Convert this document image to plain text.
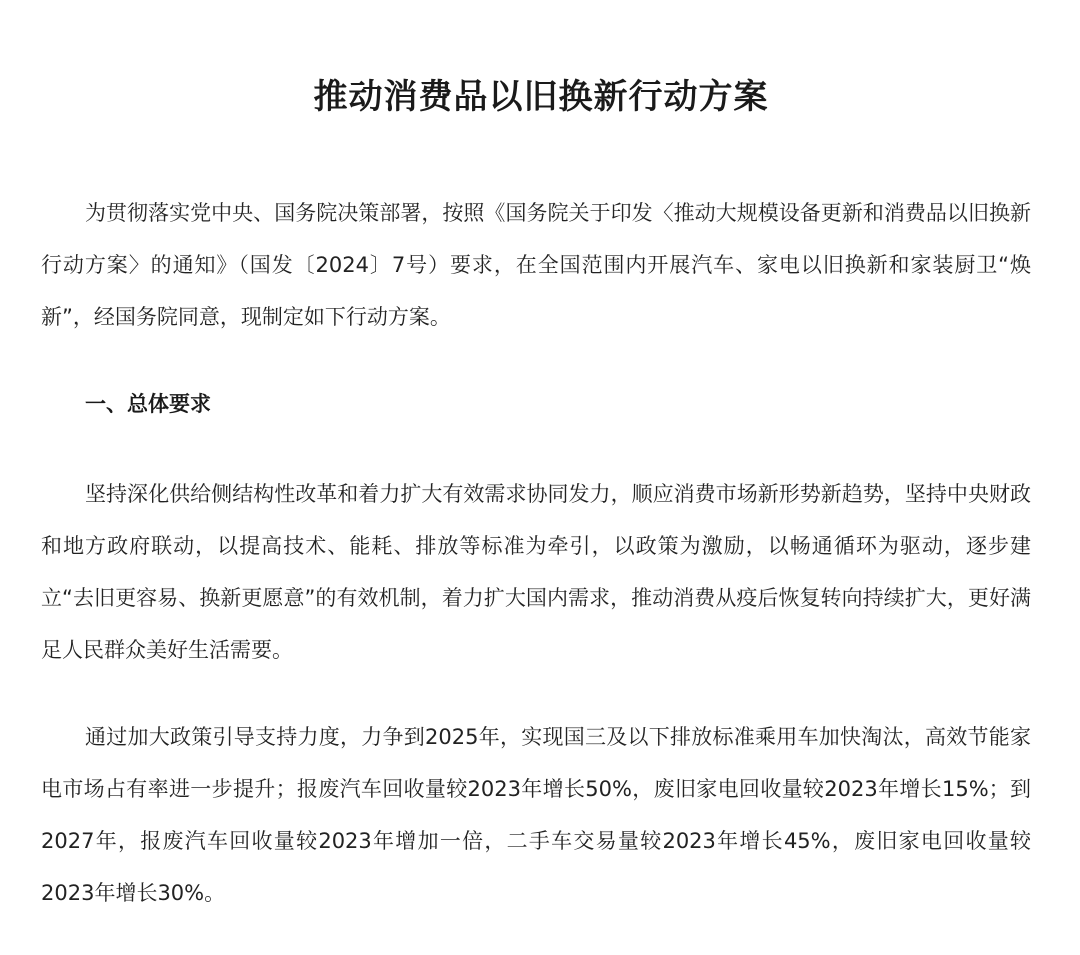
推动消费品以旧换新行动方案

为贯彻落实党中央、国务院决策部署，按照《国务院关于印发〈推动大规模设备更新和消费品以旧换新行动方案〉的通知》（国发〔2024〕7号）要求，在全国范围内开展汽车、家电以旧换新和家装厨卫“焕新”，经国务院同意，现制定如下行动方案。

一、总体要求

坚持深化供给侧结构性改革和着力扩大有效需求协同发力，顺应消费市场新形势新趋势，坚持中央财政和地方政府联动，以提高技术、能耗、排放等标准为牵引，以政策为激励，以畅通循环为驱动，逐步建立“去旧更容易、换新更愿意”的有效机制，着力扩大国内需求，推动消费从疫后恢复转向持续扩大，更好满足人民群众美好生活需要。

通过加大政策引导支持力度，力争到2025年，实现国三及以下排放标准乘用车加快淘汰，高效节能家电市场占有率进一步提升；报废汽车回收量较2023年增长50%，废旧家电回收量较2023年增长15%；到2027年，报废汽车回收量较2023年增加一倍，二手车交易量较2023年增长45%，废旧家电回收量较2023年增长30%。
